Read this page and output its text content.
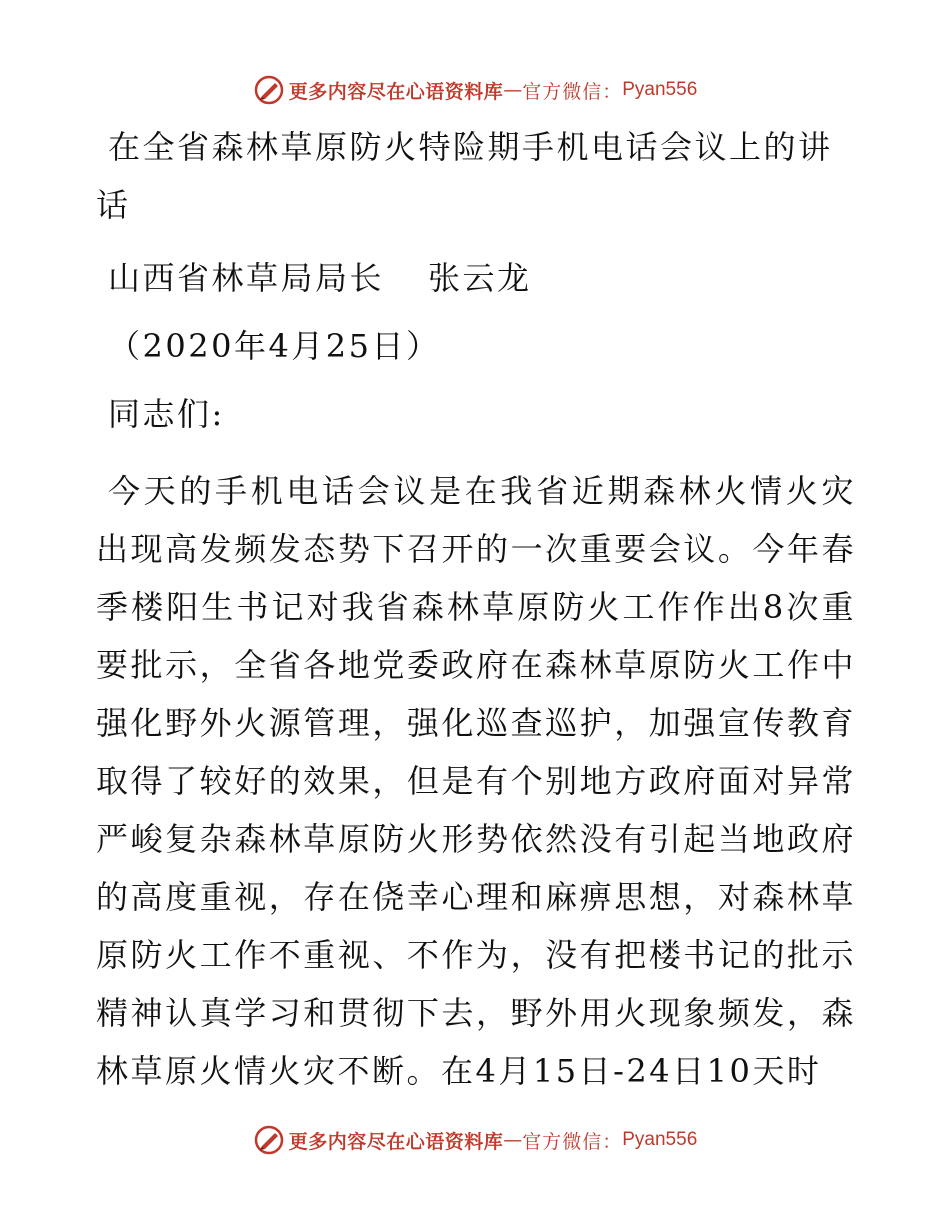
更多内容尽在心语资料库 — 官方微信： Pyan556
在全省森林草原防火特险期手机电话会议上的讲
话

山西省林草局局长 张云龙

（2020年4月25日）

同志们:

今天的手机电话会议是在我省近期森林火情火灾出现高发频发态势下召开的一次重要会议。今年春季楼阳生书记对我省森林草原防火工作作出8次重要批示，全省各地党委政府在森林草原防火工作中强化野外火源管理，强化巡查巡护，加强宣传教育取得了较好的效果，但是有个别地方政府面对异常严峻复杂森林草原防火形势依然没有引起当地政府的高度重视，存在侥幸心理和麻痹思想，对森林草原防火工作不重视、不作为，没有把楼书记的批示精神认真学习和贯彻下去，野外用火现象频发，森林草原火情火灾不断。在4月15日-24日10天时

更多内容尽在心语资料库 — 官方微信： Pyan556
